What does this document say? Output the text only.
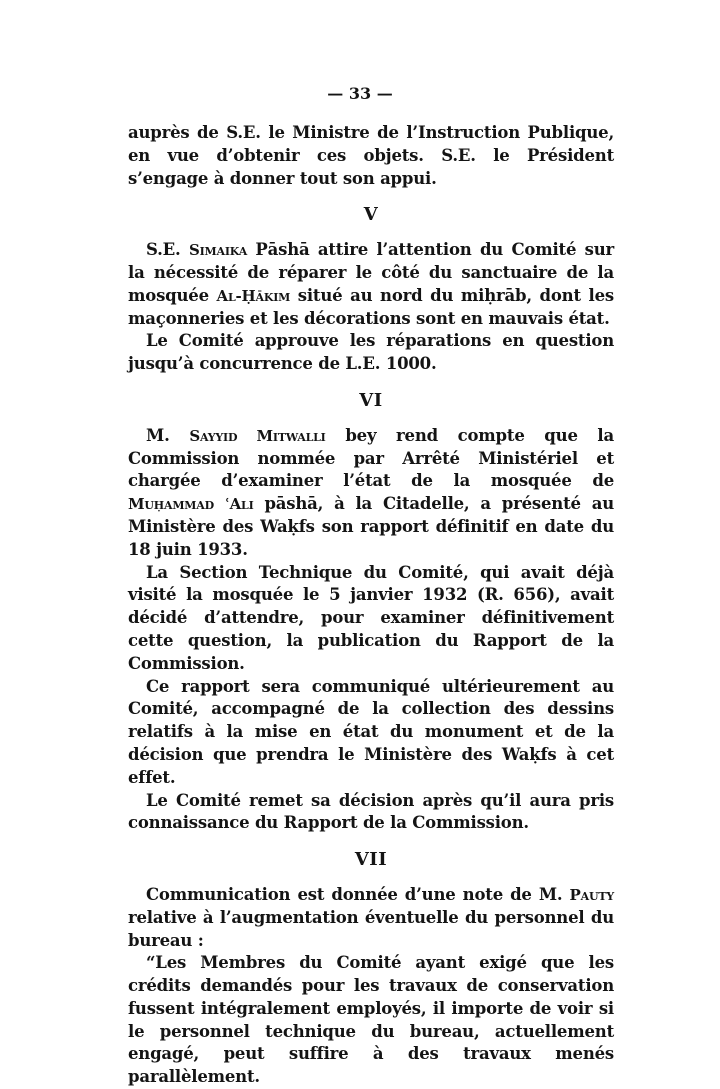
— 33 —

auprès de S.E. le Ministre de l’Instruction Publique, en vue d’obtenir ces objets. S.E. le Président s’engage à donner tout son appui.

V

S.E. Simaika Pāshā attire l’attention du Comité sur la nécessité de réparer le côté du sanctuaire de la mosquée Al-Ḥākim situé au nord du miḥrāb, dont les maçonneries et les décorations sont en mauvais état.

Le Comité approuve les réparations en question jusqu’à concurrence de L.E. 1000.

VI

M. Sayyid Mitwalli bey rend compte que la Commission nommée par Arrêté Ministériel et chargée d’examiner l’état de la mosquée de Muḥammad ʿAli pāshā, à la Citadelle, a présenté au Ministère des Waḳfs son rapport définitif en date du 18 juin 1933.

La Section Technique du Comité, qui avait déjà visité la mosquée le 5 janvier 1932 (R. 656), avait décidé d’attendre, pour examiner définitivement cette question, la publication du Rapport de la Commission.

Ce rapport sera communiqué ultérieurement au Comité, accompagné de la collection des dessins relatifs à la mise en état du monument et de la décision que prendra le Ministère des Waḳfs à cet effet.

Le Comité remet sa décision après qu’il aura pris connaissance du Rapport de la Commission.

VII

Communication est donnée d’une note de M. Pauty relative à l’augmentation éventuelle du personnel du bureau :

“Les Membres du Comité ayant exigé que les crédits demandés pour les travaux de conservation fussent intégralement employés, il importe de voir si le personnel technique du bureau, actuellement engagé, peut suffire à des travaux menés parallèlement.
